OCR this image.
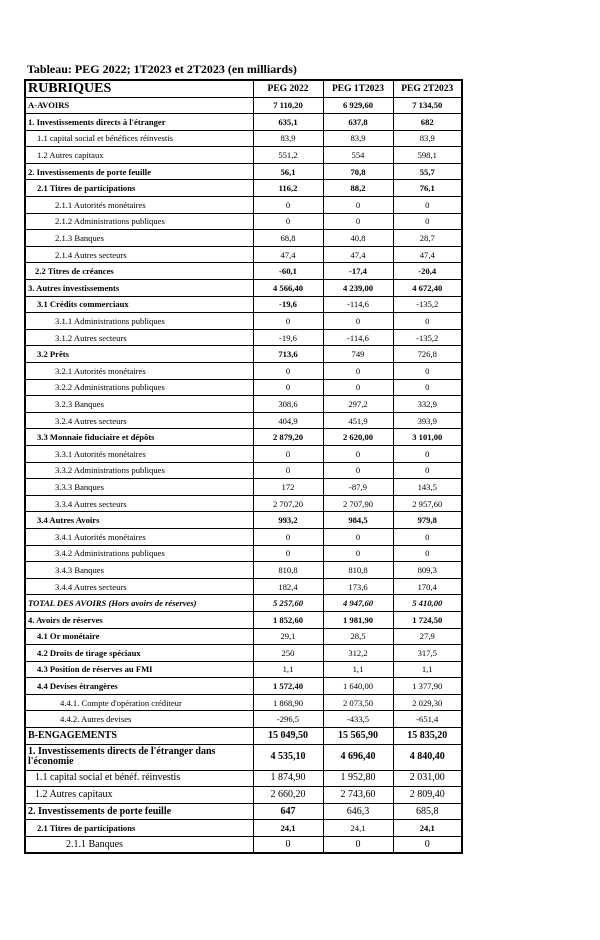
Tableau: PEG 2022; 1T2023 et 2T2023 (en milliards)
RUBRIQUES	PEG 2022	PEG 1T2023	PEG 2T2023
A-AVOIRS	7 110,20	6 929,60	7 134,50
1. Investissements directs à l'étranger	635,1	637,8	682
1.1 capital social et bénéfices réinvestis	83,9	83,9	83,9
1.2 Autres capitaux	551,2	554	598,1
2. Investissements de porte feuille	56,1	70,8	55,7
2.1 Titres de participations	116,2	88,2	76,1
2.1.1 Autorités monétaires	0	0	0
2.1.2 Administrations publiques	0	0	0
2.1.3 Banques	68,8	40,8	28,7
2.1.4 Autres secteurs	47,4	47,4	47,4
2.2 Titres de créances	-60,1	-17,4	-20,4
3. Autres investissements	4 566,40	4 239,00	4 672,40
3.1 Crédits commerciaux	-19,6	-114,6	-135,2
3.1.1 Administrations publiques	0	0	0
3.1.2 Autres secteurs	-19,6	-114,6	-135,2
3.2 Prêts	713,6	749	726,8
3.2.1 Autorités monétaires	0	0	0
3.2.2 Administrations publiques	0	0	0
3.2.3 Banques	308,6	297,2	332,9
3.2.4 Autres secteurs	404,9	451,9	393,9
3.3 Monnaie fiduciaire et dépôts	2 879,20	2 620,00	3 101,00
3.3.1 Autorités monétaires	0	0	0
3.3.2 Administrations publiques	0	0	0
3.3.3 Banques	172	-87,9	143,5
3.3.4 Autres secteurs	2 707,20	2 707,90	2 957,60
3.4 Autres Avoirs	993,2	984,5	979,8
3.4.1 Autorités monétaires	0	0	0
3.4.2 Administrations publiques	0	0	0
3.4.3 Banques	810,8	810,8	809,3
3.4.4 Autres secteurs	182,4	173,6	170,4
TOTAL DES AVOIRS (Hors avoirs de réserves)	5 257,60	4 947,60	5 410,00
4. Avoirs de réserves	1 852,60	1 981,90	1 724,50
4.1 Or monétaire	29,1	28,5	27,9
4.2 Droits de tirage spéciaux	250	312,2	317,5
4.3 Position de réserves au FMI	1,1	1,1	1,1
4.4 Devises étrangères	1 572,40	1 640,00	1 377,90
4.4.1. Compte d'opération créditeur	1 868,90	2 073,50	2 029,30
4.4.2. Autres devises	-296,5	-433,5	-651,4
B-ENGAGEMENTS	15 049,50	15 565,90	15 835,20
1. Investissements directs de l'étranger dans l'économie	4 535,10	4 696,40	4 840,40
1.1 capital social et bénéf. réinvestis	1 874,90	1 952,80	2 031,00
1.2 Autres capitaux	2 660,20	2 743,60	2 809,40
2. Investissements de porte feuille	647	646,3	685,8
2.1 Titres de participations	24,1	24,1	24,1
2.1.1 Banques	0	0	0
